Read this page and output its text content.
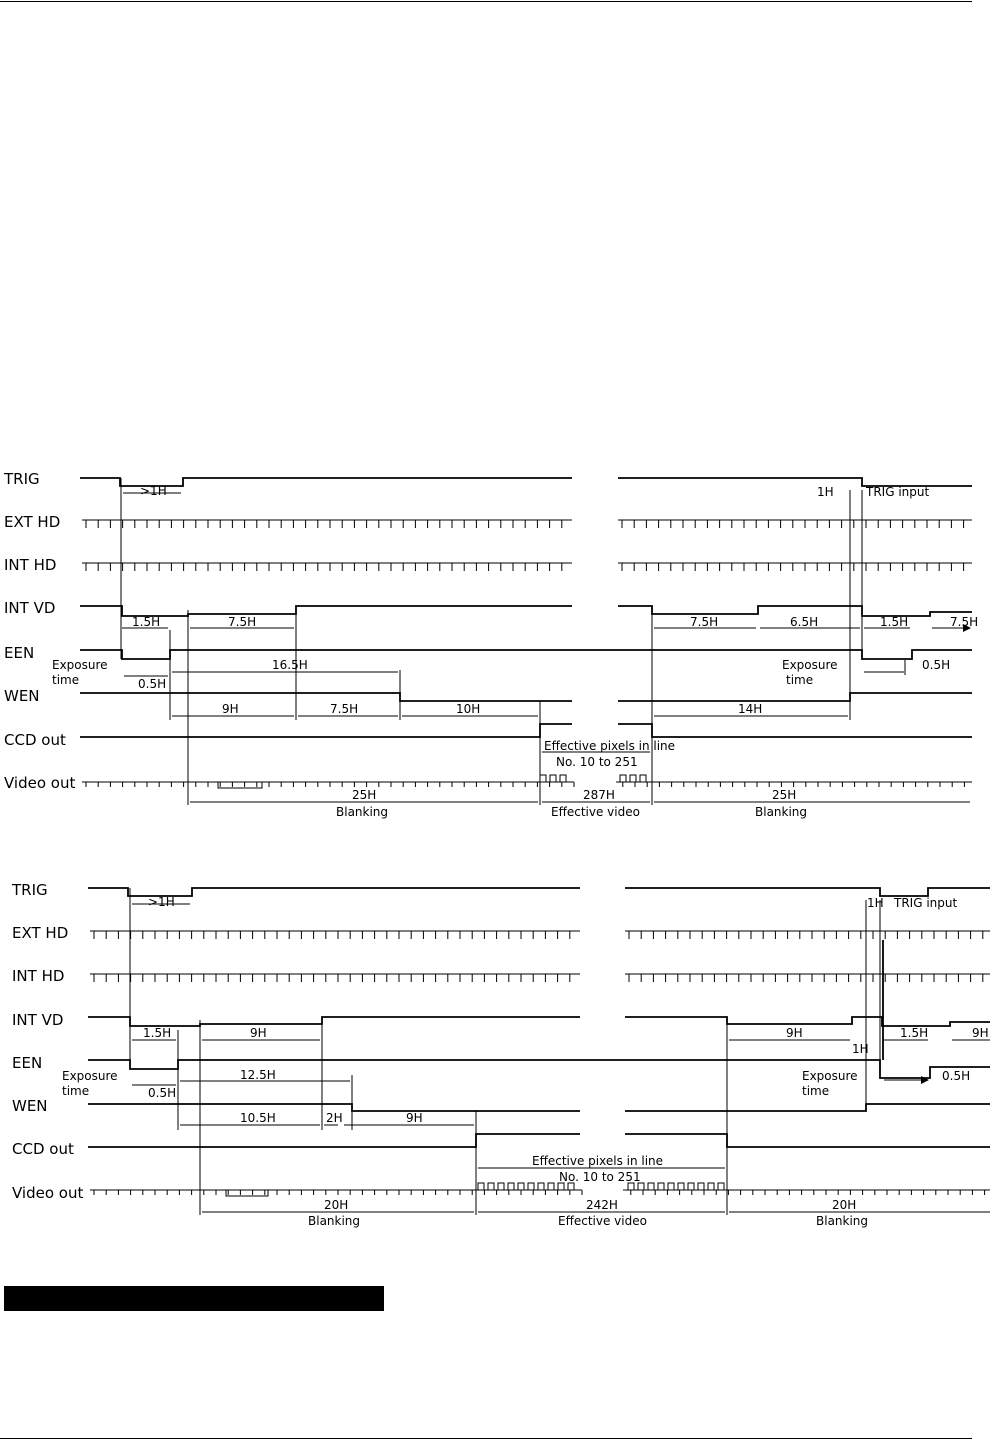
TRIG
EXT HD
INT HD
INT VD
EEN
WEN
CCD out
Video out
>1H	1H	TRIG input
1.5H	7.5H	7.5H	6.5H	1.5H	7.5H
Exposure
time	0.5H
16.5H	Exposure
time
0.5H
9H	7.5H	10H	14H
Effective pixels in line
No. 10 to 251
25H
Blanking
287H
Effective video
25H
Blanking
TRIG
EXT HD
INT HD
INT VD
EEN
WEN
CCD out
Video out
>1H	1H TRIG input
1.5H	9H	9H
1H
1.5H	9H
Exposure
time	0.5H
12.5H	Exposure
time
0.5H
10.5H	2H	9H
Effective pixels in line
No. 10 to 251
20H
Blanking
242H
Effective video
20H
Blanking
